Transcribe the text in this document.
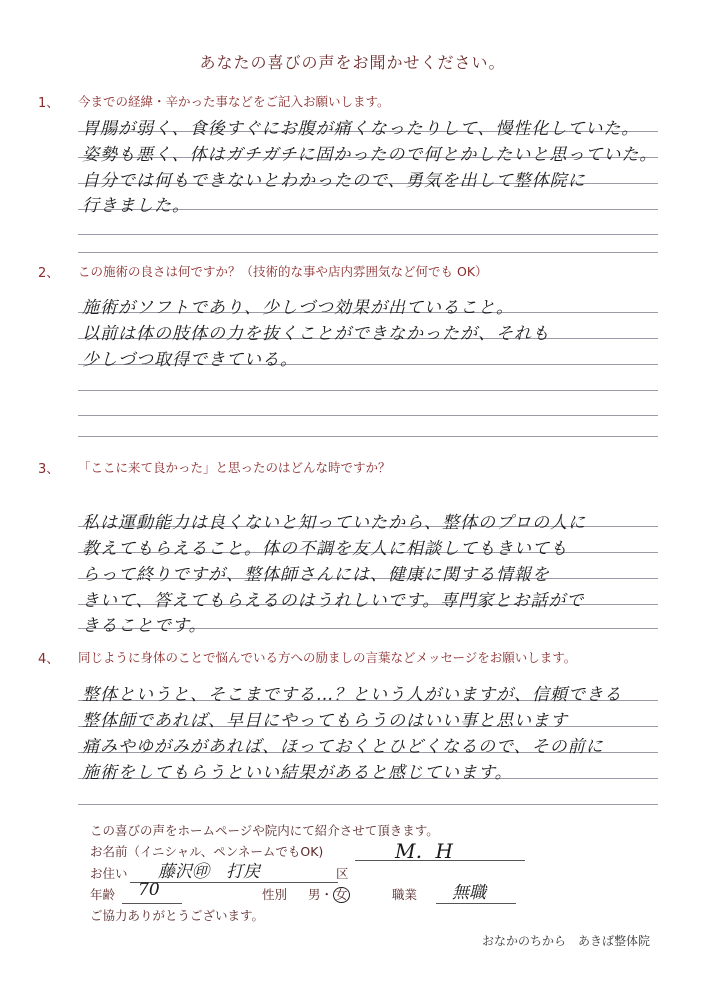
あなたの喜びの声をお聞かせください。
1、 今までの経緯・辛かった事などをご記入お願いします。
胃腸が弱く、食後すぐにお腹が痛くなったりして、慢性化していた。
姿勢も悪く、体はガチガチに固かったので何とかしたいと思っていた。
自分では何もできないとわかったので、勇気を出して整体院に
行きました。
2、 この施術の良さは何ですか？（技術的な事や店内雰囲気など何でも OK）
施術がソフトであり、少しづつ効果が出ていること。
以前は体の肢体の力を抜くことができなかったが、それも
少しづつ取得できている。
3、 「ここに来て良かった」と思ったのはどんな時ですか？
私は運動能力は良くないと知っていたから、整体のプロの人に
教えてもらえること。体の不調を友人に相談してもきいても
らって終りですが、整体師さんには、健康に関する情報を
きいて、答えてもらえるのはうれしいです。専門家とお話がで
きることです。
4、 同じように身体のことで悩んでいる方への励ましの言葉などメッセージをお願いします。
整体というと、そこまでする…？という人がいますが、信頼できる
整体師であれば、早目にやってもらうのはいい事と思います
痛みやゆがみがあれば、ほっておくとひどくなるので、その前に
施術をしてもらうといい結果があると感じています。
この喜びの声をホームページや院内にて紹介させて頂きます。
お名前（イニシャル、ペンネームでもOK)	M．H
お住い 藤沢㊞　打戻	区
年齢 70	性別 男・ 女	職業 無職
ご協力ありがとうございます。
おなかのちから　あきば整体院
